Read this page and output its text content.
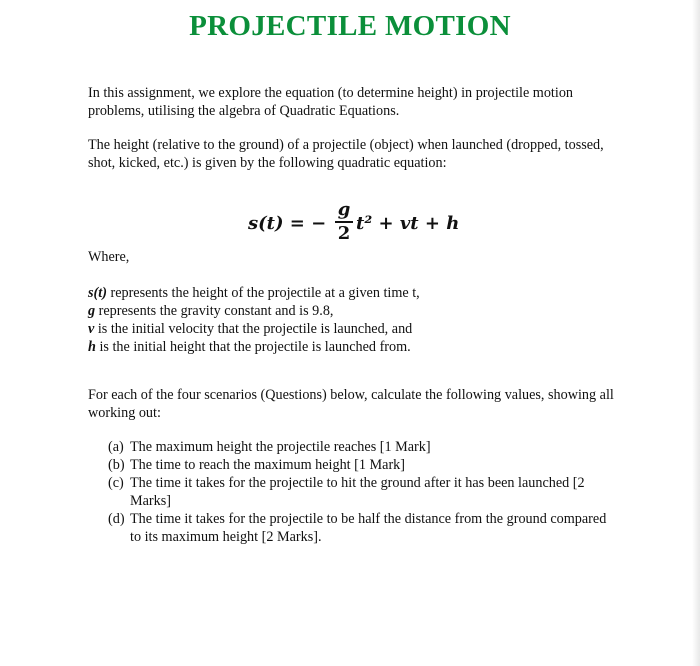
PROJECTILE MOTION
In this assignment, we explore the equation (to determine height) in projectile motion problems, utilising the algebra of Quadratic Equations.
The height (relative to the ground) of a projectile (object) when launched (dropped, tossed, shot, kicked, etc.) is given by the following quadratic equation:
s(t) = −
g
2 t² + vt + h
Where,
s(t) represents the height of the projectile at a given time t,
g represents the gravity constant and is 9.8,
v is the initial velocity that the projectile is launched, and
h is the initial height that the projectile is launched from.
For each of the four scenarios (Questions) below, calculate the following values, showing all working out:
(a) The maximum height the projectile reaches [1 Mark]
(b) The time to reach the maximum height [1 Mark]
(c) The time it takes for the projectile to hit the ground after it has been launched [2 Marks]
(d) The time it takes for the projectile to be half the distance from the ground compared to its maximum height [2 Marks].
